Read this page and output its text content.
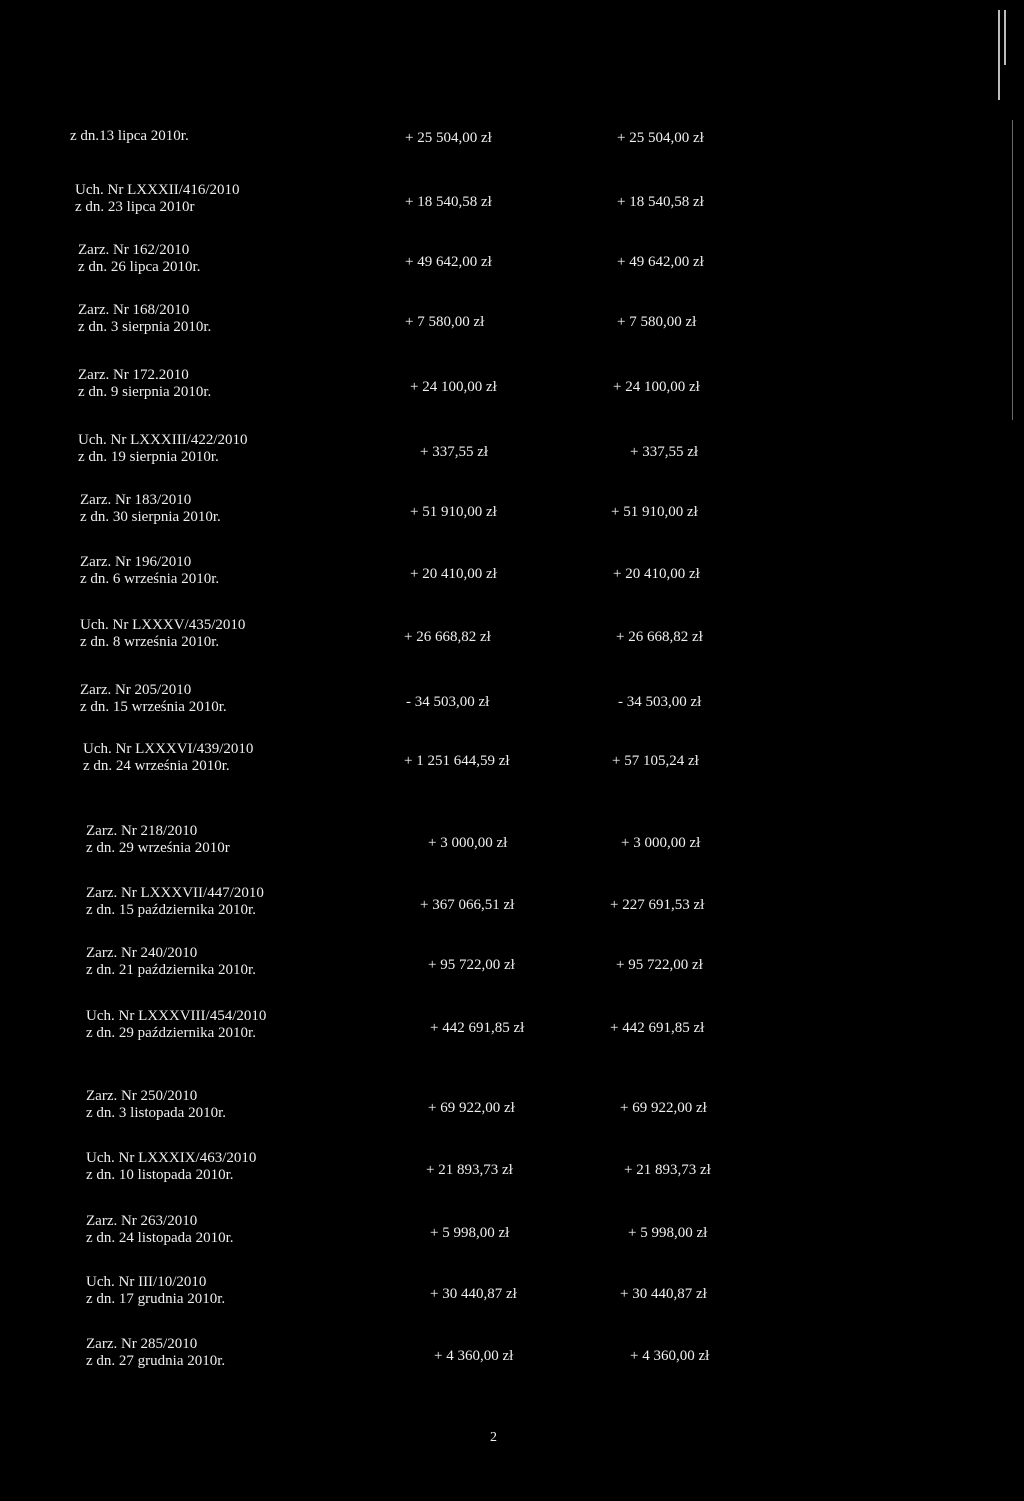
z dn.13 lipca 2010r.	+ 25 504,00 zł	+ 25 504,00 zł
Uch. Nr LXXXII/416/2010
z dn. 23 lipca 2010r	+ 18 540,58 zł	+ 18 540,58 zł
Zarz. Nr 162/2010
z dn. 26 lipca 2010r.	+ 49 642,00 zł	+ 49 642,00 zł
Zarz. Nr 168/2010
z dn. 3 sierpnia 2010r.	+ 7 580,00 zł	+ 7 580,00 zł
Zarz. Nr 172.2010
z dn. 9 sierpnia 2010r.	+ 24 100,00 zł	+ 24 100,00 zł
Uch. Nr LXXXIII/422/2010
z dn. 19 sierpnia 2010r.	+ 337,55 zł	+ 337,55 zł
Zarz. Nr 183/2010
z dn. 30 sierpnia 2010r.	+ 51 910,00 zł	+ 51 910,00 zł
Zarz. Nr 196/2010
z dn. 6 września 2010r.	+ 20 410,00 zł	+ 20 410,00 zł
Uch. Nr LXXXV/435/2010
z dn. 8 września 2010r.	+ 26 668,82 zł	+ 26 668,82 zł
Zarz. Nr 205/2010
z dn. 15 września 2010r.	- 34 503,00 zł	- 34 503,00 zł
Uch. Nr LXXXVI/439/2010
z dn. 24 września 2010r.	+ 1 251 644,59 zł	+ 57 105,24 zł
Zarz. Nr 218/2010
z dn. 29 września 2010r	+ 3 000,00 zł	+ 3 000,00 zł
Zarz. Nr LXXXVII/447/2010
z dn. 15 października 2010r.	+ 367 066,51 zł	+ 227 691,53 zł
Zarz. Nr 240/2010
z dn. 21 października 2010r.	+ 95 722,00 zł	+ 95 722,00 zł
Uch. Nr LXXXVIII/454/2010
z dn. 29 października 2010r.	+ 442 691,85 zł	+ 442 691,85 zł
Zarz. Nr 250/2010
z dn. 3 listopada 2010r.	+ 69 922,00 zł	+ 69 922,00 zł
Uch. Nr LXXXIX/463/2010
z dn. 10 listopada 2010r.	+ 21 893,73 zł	+ 21 893,73 zł
Zarz. Nr 263/2010
z dn. 24 listopada 2010r.	+ 5 998,00 zł	+ 5 998,00 zł
Uch. Nr III/10/2010
z dn. 17 grudnia 2010r.	+ 30 440,87 zł	+ 30 440,87 zł
Zarz. Nr 285/2010
z dn. 27 grudnia 2010r.	+ 4 360,00 zł	+ 4 360,00 zł
2
